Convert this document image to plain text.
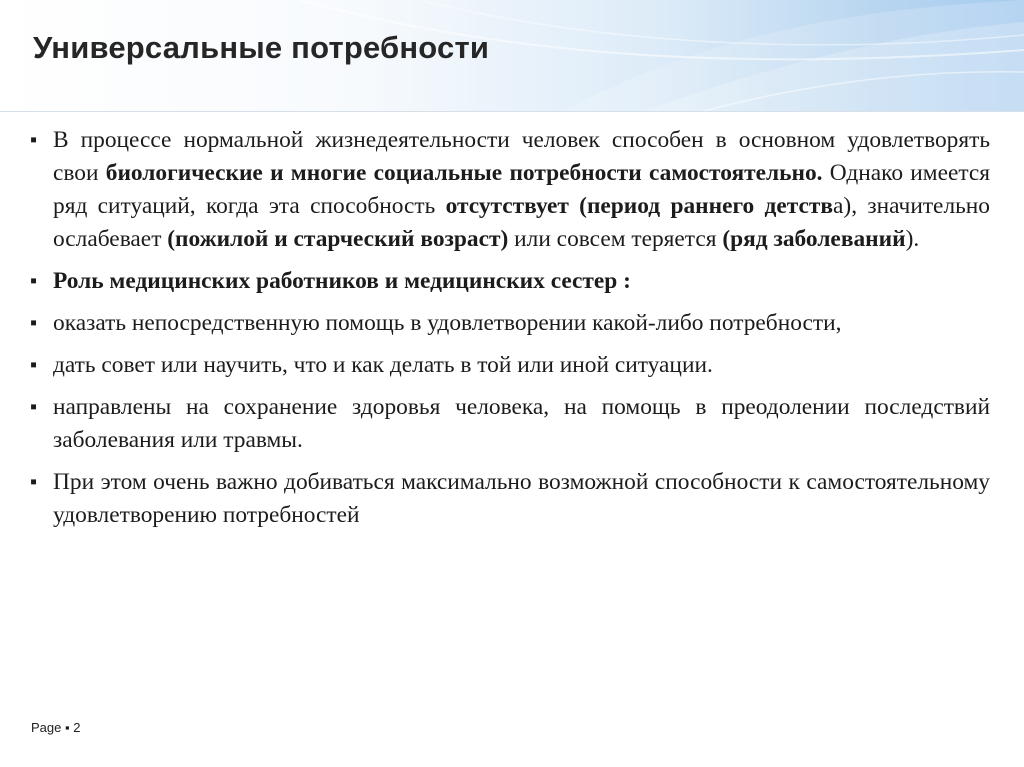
Универсальные потребности
▪ В процессе нормальной жизнедеятельности человек способен в основном удовлетворять свои биологические и многие социальные потребности самостоятельно. Однако имеется ряд ситуаций, когда эта способность отсутствует (период раннего детства), значительно ослабевает (пожилой и старческий возраст) или совсем теряется (ряд заболеваний).
▪ Роль медицинских работников и медицинских сестер :
▪ оказать непосредственную помощь в удовлетворении какой-либо потребности,
▪ дать совет или научить, что и как делать в той или иной ситуации.
▪ направлены на сохранение здоровья человека, на помощь в преодолении последствий заболевания или травмы.
▪ При этом очень важно добиваться максимально возможной способности к самостоятельному удовлетворению потребностей
Page ▪ 2
